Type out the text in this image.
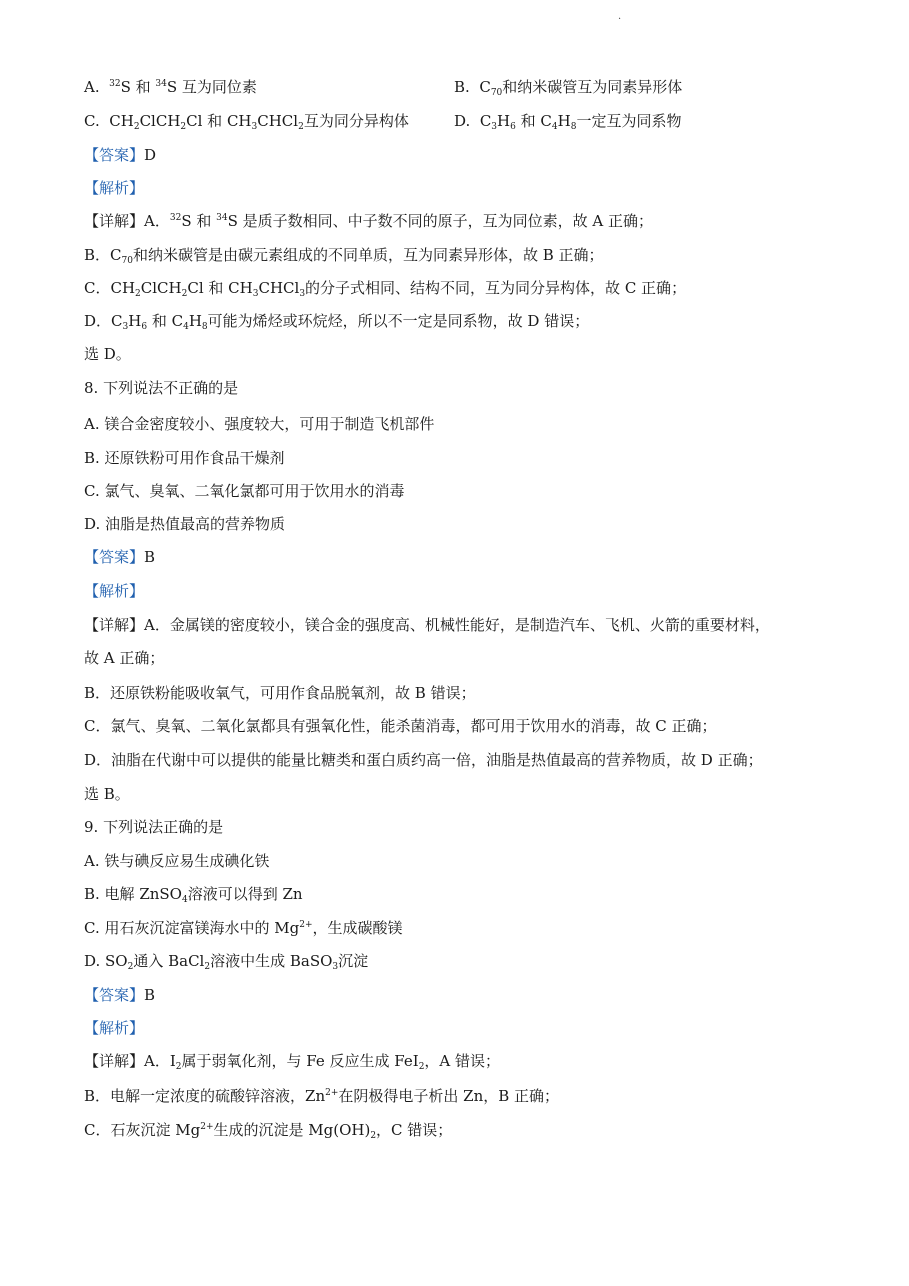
·
A. $^{32}$S 和 $^{34}$S 互为同位素	B. $C_{70}$和纳米碳管互为同素异形体
C. $CH_2ClCH_2Cl$ 和 $CH_3CHCl_2$互为同分异构体	D. $C_3H_6$ 和 $C_4H_8$一定互为同系物
【答案】D
【解析】
【详解】A．$^{32}$S 和 $^{34}$S 是质子数相同、中子数不同的原子，互为同位素，故 A 正确；
B．$C_{70}$和纳米碳管是由碳元素组成的不同单质，互为同素异形体，故 B 正确；
C．$CH_2ClCH_2Cl$ 和 $CH_3CHCl_3$的分子式相同、结构不同，互为同分异构体，故 C 正确；
D．$C_3H_6$ 和 $C_4H_8$可能为烯烃或环烷烃，所以不一定是同系物，故 D 错误；
选 D。
8. 下列说法不正确的是
A. 镁合金密度较小、强度较大，可用于制造飞机部件
B. 还原铁粉可用作食品干燥剂
C. 氯气、臭氧、二氧化氯都可用于饮用水的消毒
D. 油脂是热值最高的营养物质
【答案】B
【解析】
【详解】A．金属镁的密度较小，镁合金的强度高、机械性能好，是制造汽车、飞机、火箭的重要材料，
故 A 正确；
B．还原铁粉能吸收氧气，可用作食品脱氧剂，故 B 错误；
C．氯气、臭氧、二氧化氯都具有强氧化性，能杀菌消毒，都可用于饮用水的消毒，故 C 正确；
D．油脂在代谢中可以提供的能量比糖类和蛋白质约高一倍，油脂是热值最高的营养物质，故 D 正确；
选 B。
9. 下列说法正确的是
A. 铁与碘反应易生成碘化铁
B. 电解 ZnSO$_4$溶液可以得到 Zn
C. 用石灰沉淀富镁海水中的 $Mg^{2+}$，生成碳酸镁
D. $SO_2$通入 BaCl$_2$溶液中生成 BaSO$_3$沉淀
【答案】B
【解析】
【详解】A．$I_2$属于弱氧化剂，与 Fe 反应生成 FeI$_2$，A 错误；
B．电解一定浓度的硫酸锌溶液，$Zn^{2+}$在阴极得电子析出 Zn，B 正确；
C．石灰沉淀 $Mg^{2+}$生成的沉淀是 $Mg(OH)_2$，C 错误；
